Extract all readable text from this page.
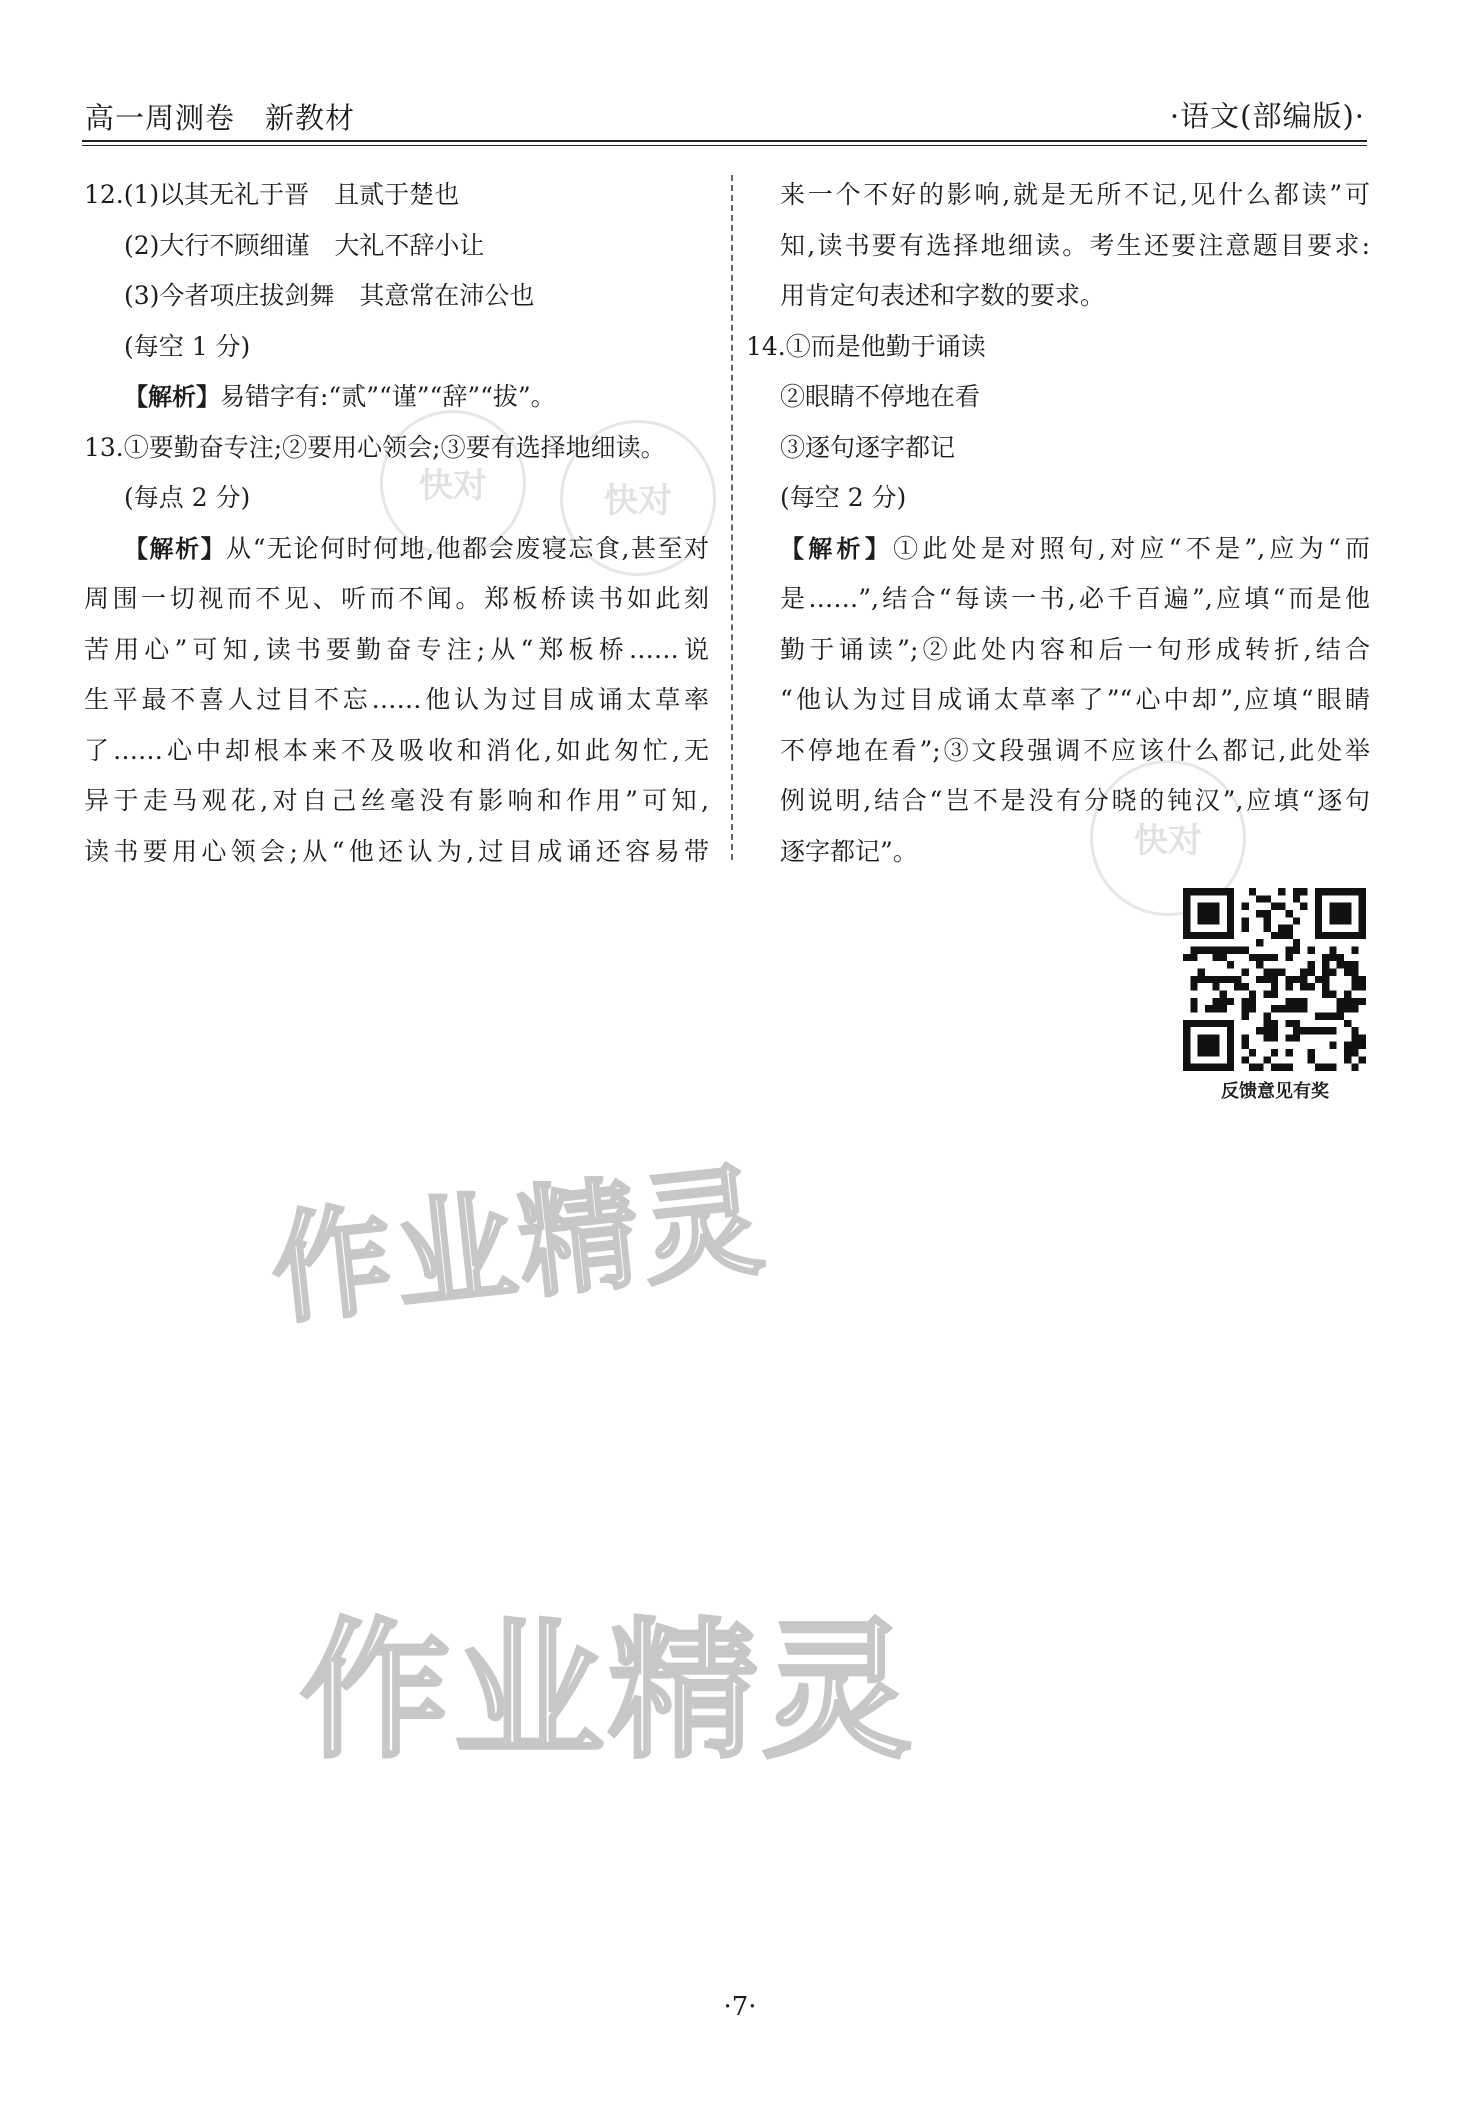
高一周测卷 新教材	·语文(部编版)·
快对	快对
快对
作业精灵
作业精灵
12.(1)以其无礼于晋　且贰于楚也
(2)大行不顾细谨　大礼不辞小让
(3)今者项庄拔剑舞　其意常在沛公也
(每空 1 分)
【解析】易错字有:“贰”“谨”“辞”“拔”。
13.①要勤奋专注;②要用心领会;③要有选择地细读。
(每点 2 分)
【解析】从“无论何时何地,他都会废寝忘食,甚至对
周围一切视而不见、听而不闻。郑板桥读书如此刻
苦用心”可知,读书要勤奋专注;从“郑板桥……说
生平最不喜人过目不忘……他认为过目成诵太草率
了……心中却根本来不及吸收和消化,如此匆忙,无
异于走马观花,对自己丝毫没有影响和作用”可知,
读书要用心领会;从“他还认为,过目成诵还容易带
来一个不好的影响,就是无所不记,见什么都读”可
知,读书要有选择地细读。考生还要注意题目要求:
用肯定句表述和字数的要求。
14.①而是他勤于诵读
②眼睛不停地在看
③逐句逐字都记
(每空 2 分)
【解析】①此处是对照句,对应“不是”,应为“而
是……”,结合“每读一书,必千百遍”,应填“而是他
勤于诵读”;②此处内容和后一句形成转折,结合
“他认为过目成诵太草率了”“心中却”,应填“眼睛
不停地在看”;③文段强调不应该什么都记,此处举
例说明,结合“岂不是没有分晓的钝汉”,应填“逐句
逐字都记”。
反馈意见有奖
·7·
